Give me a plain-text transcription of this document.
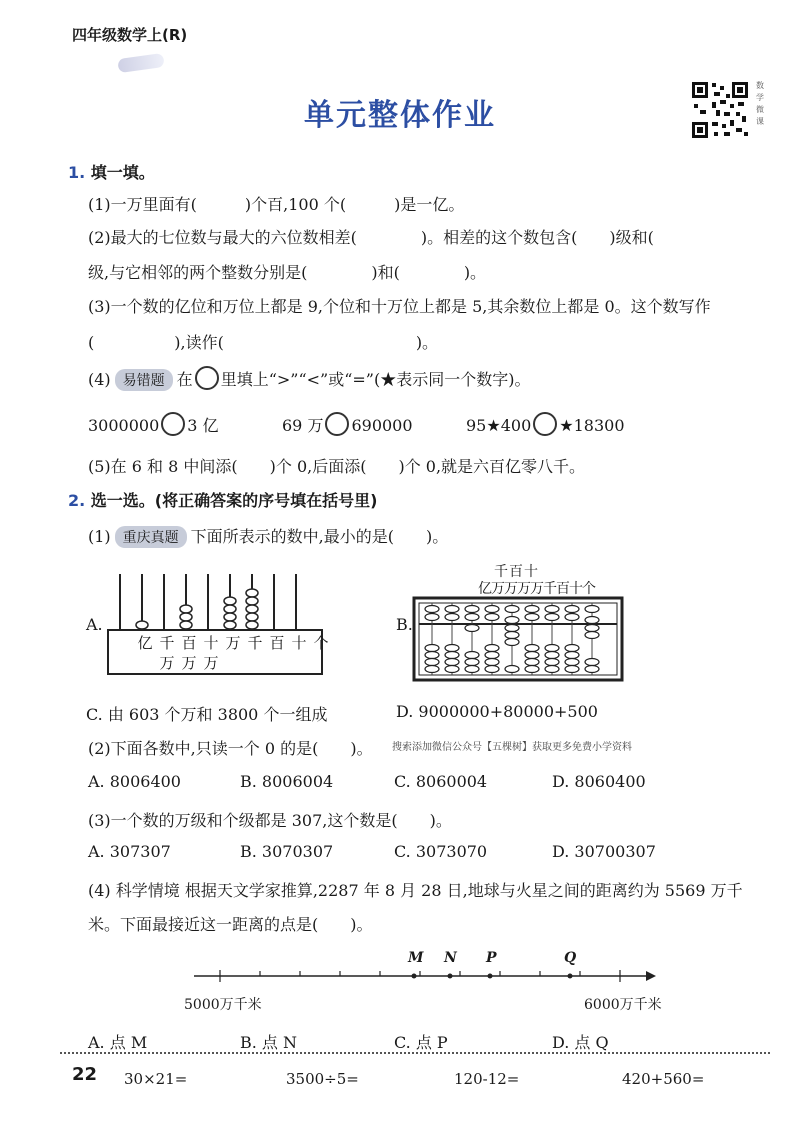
四年级数学上(R)
单元整体作业
数学微课
1. 填一填。
(1)一万里面有(　　　)个百,100 个(　　　)是一亿。
(2)最大的七位数与最大的六位数相差(　　　　)。相差的这个数包含(　　)级和(
级,与它相邻的两个整数分别是(　　　　)和(　　　　)。
(3)一个数的亿位和万位上都是 9,个位和十万位上都是 5,其余数位上都是 0。这个数写作
(　　　　　),读作(　　　　　　　　　　　　)。
(4) 易错题 在 里填上“>”“<”或“=”(★表示同一个数字)。
3000000 3 亿	69 万 690000	95★400 ★18300
(5)在 6 和 8 中间添(　　)个 0,后面添(　　)个 0,就是六百亿零八千。
2. 选一选。(将正确答案的序号填在括号里)
(1) 重庆真题 下面所表示的数中,最小的是(　　)。
A.
亿 千 百 十 万 千 百 十 个
万 万 万
B.
千百十
亿万万万万千百十个
C. 由 603 个万和 3800 个一组成	D. 9000000+80000+500
(2)下面各数中,只读一个 0 的是(　　)。 搜索添加微信公众号【五棵树】获取更多免费小学资料
A. 8006400	B. 8006004	C. 8060004	D. 8060400
(3)一个数的万级和个级都是 307,这个数是(　　)。
A. 307307	B. 3070307	C. 3073070	D. 30700307
(4) 科学情境 根据天文学家推算,2287 年 8 月 28 日,地球与火星之间的距离约为 5569 万千
米。下面最接近这一距离的点是(　　)。
M N P	Q
5000万千米	6000万千米
A. 点 M	B. 点 N	C. 点 P	D. 点 Q
22 30×21=	3500÷5=	120-12=	420+560=
